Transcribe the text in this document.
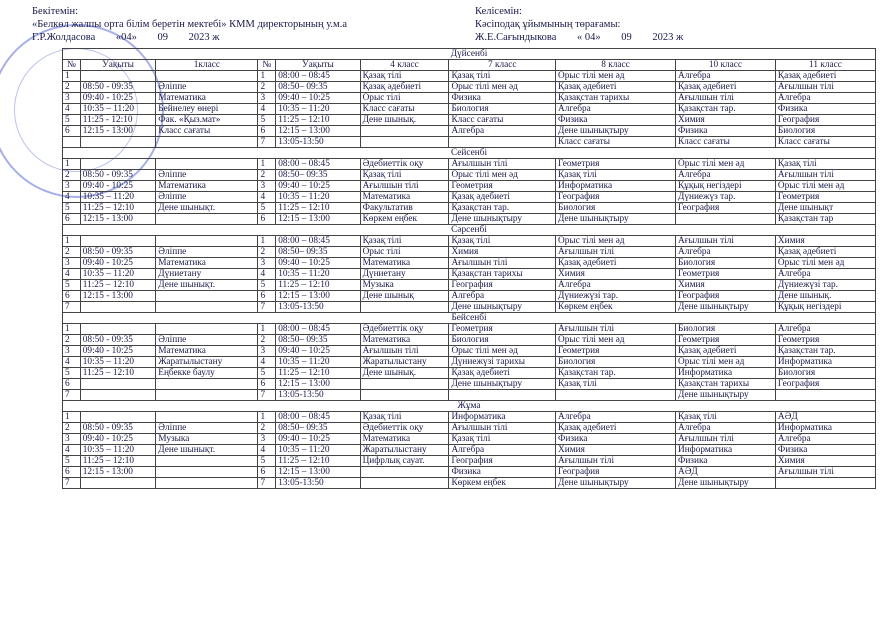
Бекітемін:
«Белкөл жалпы орта білім беретін мектебі» КММ директорының у.м.а
Г.Р.Жолдасова «04» 09 2023 ж
Келісемін:
Кәсіподақ ұйымының төрағамы:
Ж.Е.Сағындыкова « 04» 09 2023 ж
Дүйсенбі									
№	Уақыты	1класс	№	Уақыты	4 класс	7 класс	8 класс	10 класс	11 класс
1			1	08:00 – 08:45	Қазақ тілі	Қазақ тілі	Орыс тілі мен әд	Алгебра	Қазақ әдебиеті
2	08:50 - 09:35	Әліппе	2	08:50– 09:35	Қазақ әдебиеті	Орыс тілі мен әд	Қазақ әдебиеті	Қазақ әдебиеті	Ағылшын тілі
3	09:40 - 10:25	Математика	3	09:40 – 10:25	Орыс тілі	Физика	Қазақстан тарихы	Ағылшын тілі	Алгебра
4	10:35 – 11:20	Бейнелеу өнері	4	10:35 – 11:20	Класс сағаты	Биология	Алгебра	Қазақстан тар.	Физика
5	11:25 - 12:10	Фак. «Қыз.мат»	5	11:25 – 12:10	Дене шынық.	Класс сағаты	Физика	Химия	География
6	12:15 - 13:00	Класс сағаты	6	12:15 – 13:00		Алгебра	Дене шынықтыру	Физика	Биология
			7	13:05-13:50			Класс сағаты	Класс сағаты	Класс сағаты
Сейсенбі									
1			1	08:00 – 08:45	Әдебиеттік оқу	Ағылшын тілі	Геометрия	Орыс тілі мен әд	Қазақ тілі
2	08:50 - 09:35	Әліппе	2	08:50– 09:35	Қазақ тілі	Орыс тілі мен әд	Қазақ тілі	Алгебра	Ағылшын тілі
3	09:40 - 10:25	Математика	3	09:40 – 10:25	Ағылшын тілі	Геометрия	Информатика	Құқық негіздері	Орыс тілі мен әд
4	10:35 – 11:20	Әліппе	4	10:35 – 11:20	Математика	Қазақ әдебиеті	География	Дүниежүз тар.	Геометрия
5	11:25 – 12:10	Дене шынықт.	5	11:25 – 12:10	Факультатив	Қазақстан тар.	Биология	География	Дене шынықт
6	12:15 - 13:00		6	12:15 – 13:00	Көркем еңбек	Дене шынықтыру	Дене шынықтыру		Қазақстан тар
Сәрсенбі									
1			1	08:00 – 08:45	Қазақ тілі	Қазақ тілі	Орыс тілі мен әд	Ағылшын тілі	Химия
2	08:50 - 09:35	Әліппе	2	08:50– 09:35	Орыс тілі	Химия	Ағылшын тілі	Алгебра	Қазақ әдебиеті
3	09:40 - 10:25	Математика	3	09:40 – 10:25	Математика	Ағылшын тілі	Қазақ әдебиеті	Биология	Орыс тілі мен әд
4	10:35 – 11:20	Дүниетану	4	10:35 – 11:20	Дүниетану	Қазақстан тарихы	Химия	Геометрия	Алгебра
5	11:25 – 12:10	Дене шынықт.	5	11:25 – 12:10	Музыка	География	Алгебра	Химия	Дүниежүзі тар.
6	12:15 - 13:00		6	12:15 – 13:00	Дене шынық	Алгебра	Дүниежүзі тар.	География	Дене шынық.
7			7	13:05-13:50		Дене шынықтыру	Көркем еңбек	Дене шынықтыру	Құқық негіздері
Бейсенбі									
1			1	08:00 – 08:45	Әдебиеттік оқу	Геометрия	Ағылшын тілі	Биология	Алгебра
2	08:50 - 09:35	Әліппе	2	08:50– 09:35	Математика	Биология	Орыс тілі мен әд	Геометрия	Геометрия
3	09:40 - 10:25	Математика	3	09:40 – 10:25	Ағылшын тілі	Орыс тілі мен әд	Геометрия	Қазақ әдебиеті	Қазақстан тар.
4	10:35 – 11:20	Жаратылыстану	4	10:35 – 11:20	Жаратылыстану	Дүниежүзі тарихы	Биология	Орыс тілі мен әд	Информатика
5	11:25 – 12:10	Еңбекке баулу	5	11:25 – 12:10	Дене шынық.	Қазақ әдебиеті	Қазақстан тар.	Информатика	Биология
6			6	12:15 – 13:00		Дене шынықтыру	Қазақ тілі	Қазақстан тарихы	География
7			7	13:05-13:50				Дене шынықтыру	
Жұма									
1			1	08:00 – 08:45	Қазақ тілі	Информатика	Алгебра	Қазақ тілі	АӘД
2	08:50 - 09:35	Әліппе	2	08:50– 09:35	Әдебиеттік оқу	Ағылшын тілі	Қазақ әдебиеті	Алгебра	Информатика
3	09:40 - 10:25	Музыка	3	09:40 – 10:25	Математика	Қазақ тілі	Физика	Ағылшын тілі	Алгебра
4	10:35 – 11:20	Дене шынықт.	4	10:35 – 11:20	Жаратылыстану	Алгебра	Химия	Информатика	Физика
5	11:25 – 12:10		5	11:25 – 12:10	Цифрлық сауат.	География	Ағылшын тілі	Физика	Химия
6	12:15 - 13:00		6	12:15 – 13:00		Физика	География	АӘД	Ағылшын тілі
7			7	13:05-13:50		Көркем еңбек	Дене шынықтыру	Дене шынықтыру	
